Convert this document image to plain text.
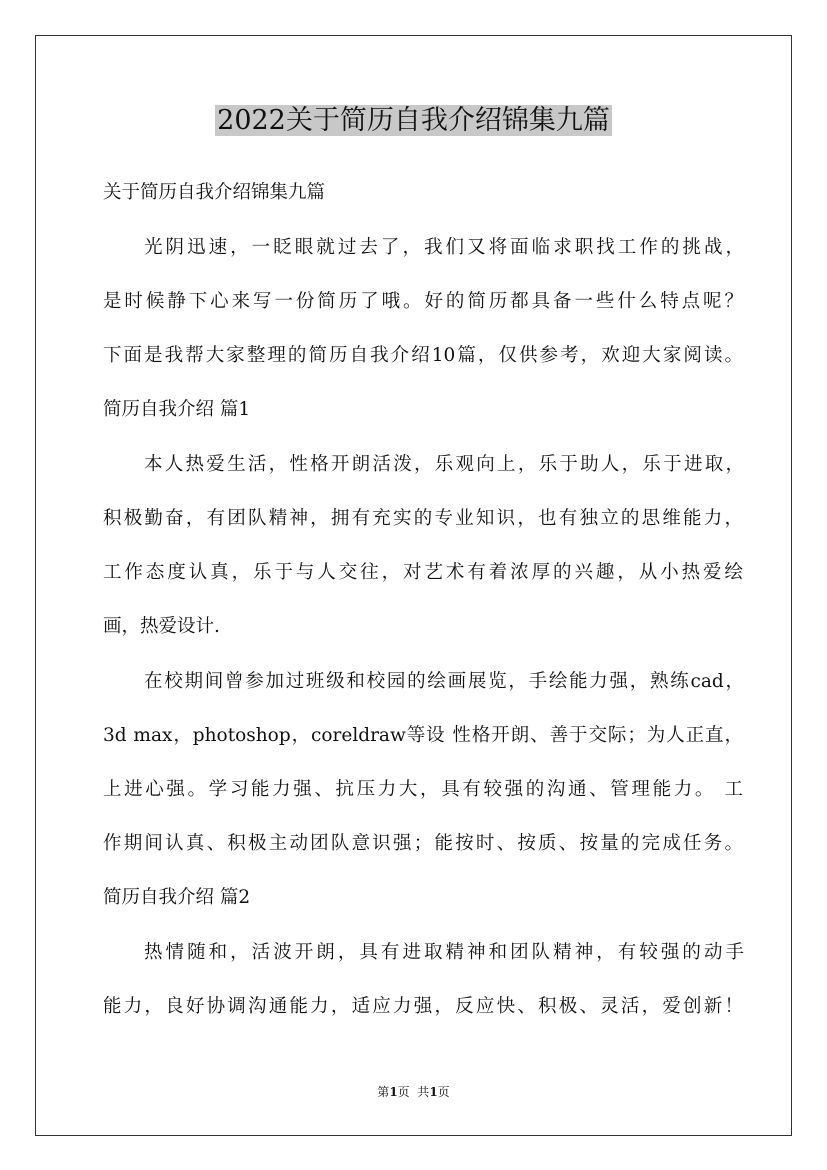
2022关于简历自我介绍锦集九篇

关于简历自我介绍锦集九篇

光阴迅速，一眨眼就过去了，我们又将面临求职找工作的挑战，

是时候静下心来写一份简历了哦。好的简历都具备一些什么特点呢？

下面是我帮大家整理的简历自我介绍10篇，仅供参考，欢迎大家阅读。

简历自我介绍 篇1

本人热爱生活，性格开朗活泼，乐观向上，乐于助人，乐于进取，

积极勤奋，有团队精神，拥有充实的专业知识，也有独立的思维能力，

工作态度认真，乐于与人交往，对艺术有着浓厚的兴趣，从小热爱绘

画，热爱设计.

在校期间曾参加过班级和校园的绘画展览，手绘能力强，熟练cad，

3d max，photoshop，coreldraw等设 性格开朗、善于交际；为人正直，

上进心强。学习能力强、抗压力大，具有较强的沟通、管理能力。 工

作期间认真、积极主动团队意识强；能按时、按质、按量的完成任务。

简历自我介绍 篇2

热情随和，活波开朗，具有进取精神和团队精神，有较强的动手

能力，良好协调沟通能力，适应力强，反应快、积极、灵活，爱创新！

第1页  共1页
